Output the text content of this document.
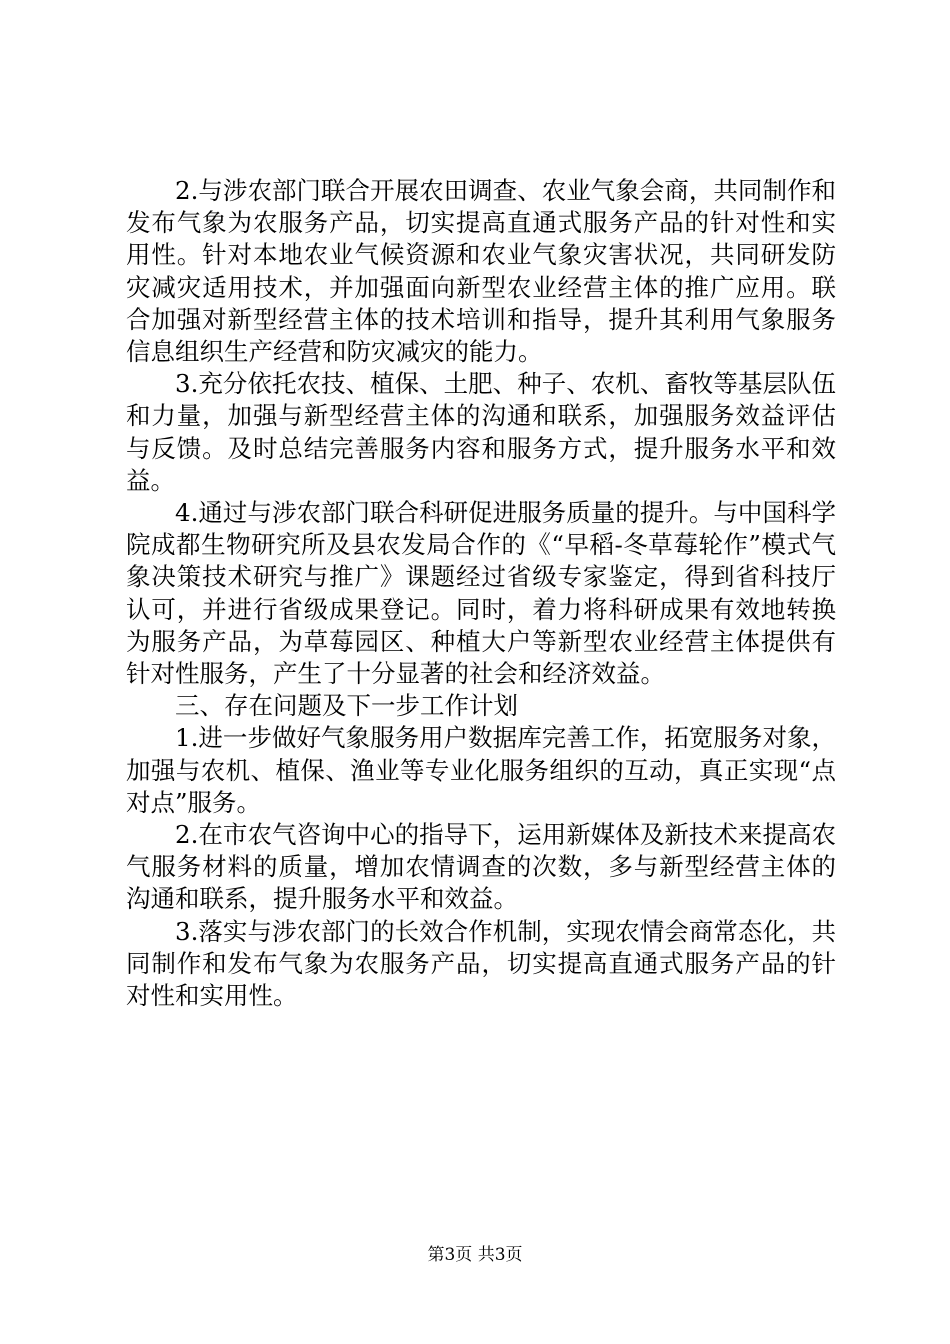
2.与涉农部门联合开展农田调查、农业气象会商，共同制作和发布气象为农服务产品，切实提高直通式服务产品的针对性和实用性。针对本地农业气候资源和农业气象灾害状况，共同研发防灾减灾适用技术，并加强面向新型农业经营主体的推广应用。联合加强对新型经营主体的技术培训和指导，提升其利用气象服务信息组织生产经营和防灾减灾的能力。

3.充分依托农技、植保、土肥、种子、农机、畜牧等基层队伍和力量，加强与新型经营主体的沟通和联系，加强服务效益评估与反馈。及时总结完善服务内容和服务方式，提升服务水平和效益。

4.通过与涉农部门联合科研促进服务质量的提升。与中国科学院成都生物研究所及县农发局合作的《“早稻-冬草莓轮作”模式气象决策技术研究与推广》课题经过省级专家鉴定，得到省科技厅认可，并进行省级成果登记。同时，着力将科研成果有效地转换为服务产品，为草莓园区、种植大户等新型农业经营主体提供有针对性服务，产生了十分显著的社会和经济效益。

三、存在问题及下一步工作计划

1.进一步做好气象服务用户数据库完善工作，拓宽服务对象，加强与农机、植保、渔业等专业化服务组织的互动，真正实现“点对点”服务。

2.在市农气咨询中心的指导下，运用新媒体及新技术来提高农气服务材料的质量，增加农情调查的次数，多与新型经营主体的沟通和联系，提升服务水平和效益。

3.落实与涉农部门的长效合作机制，实现农情会商常态化，共同制作和发布气象为农服务产品，切实提高直通式服务产品的针对性和实用性。

第3页 共3页
